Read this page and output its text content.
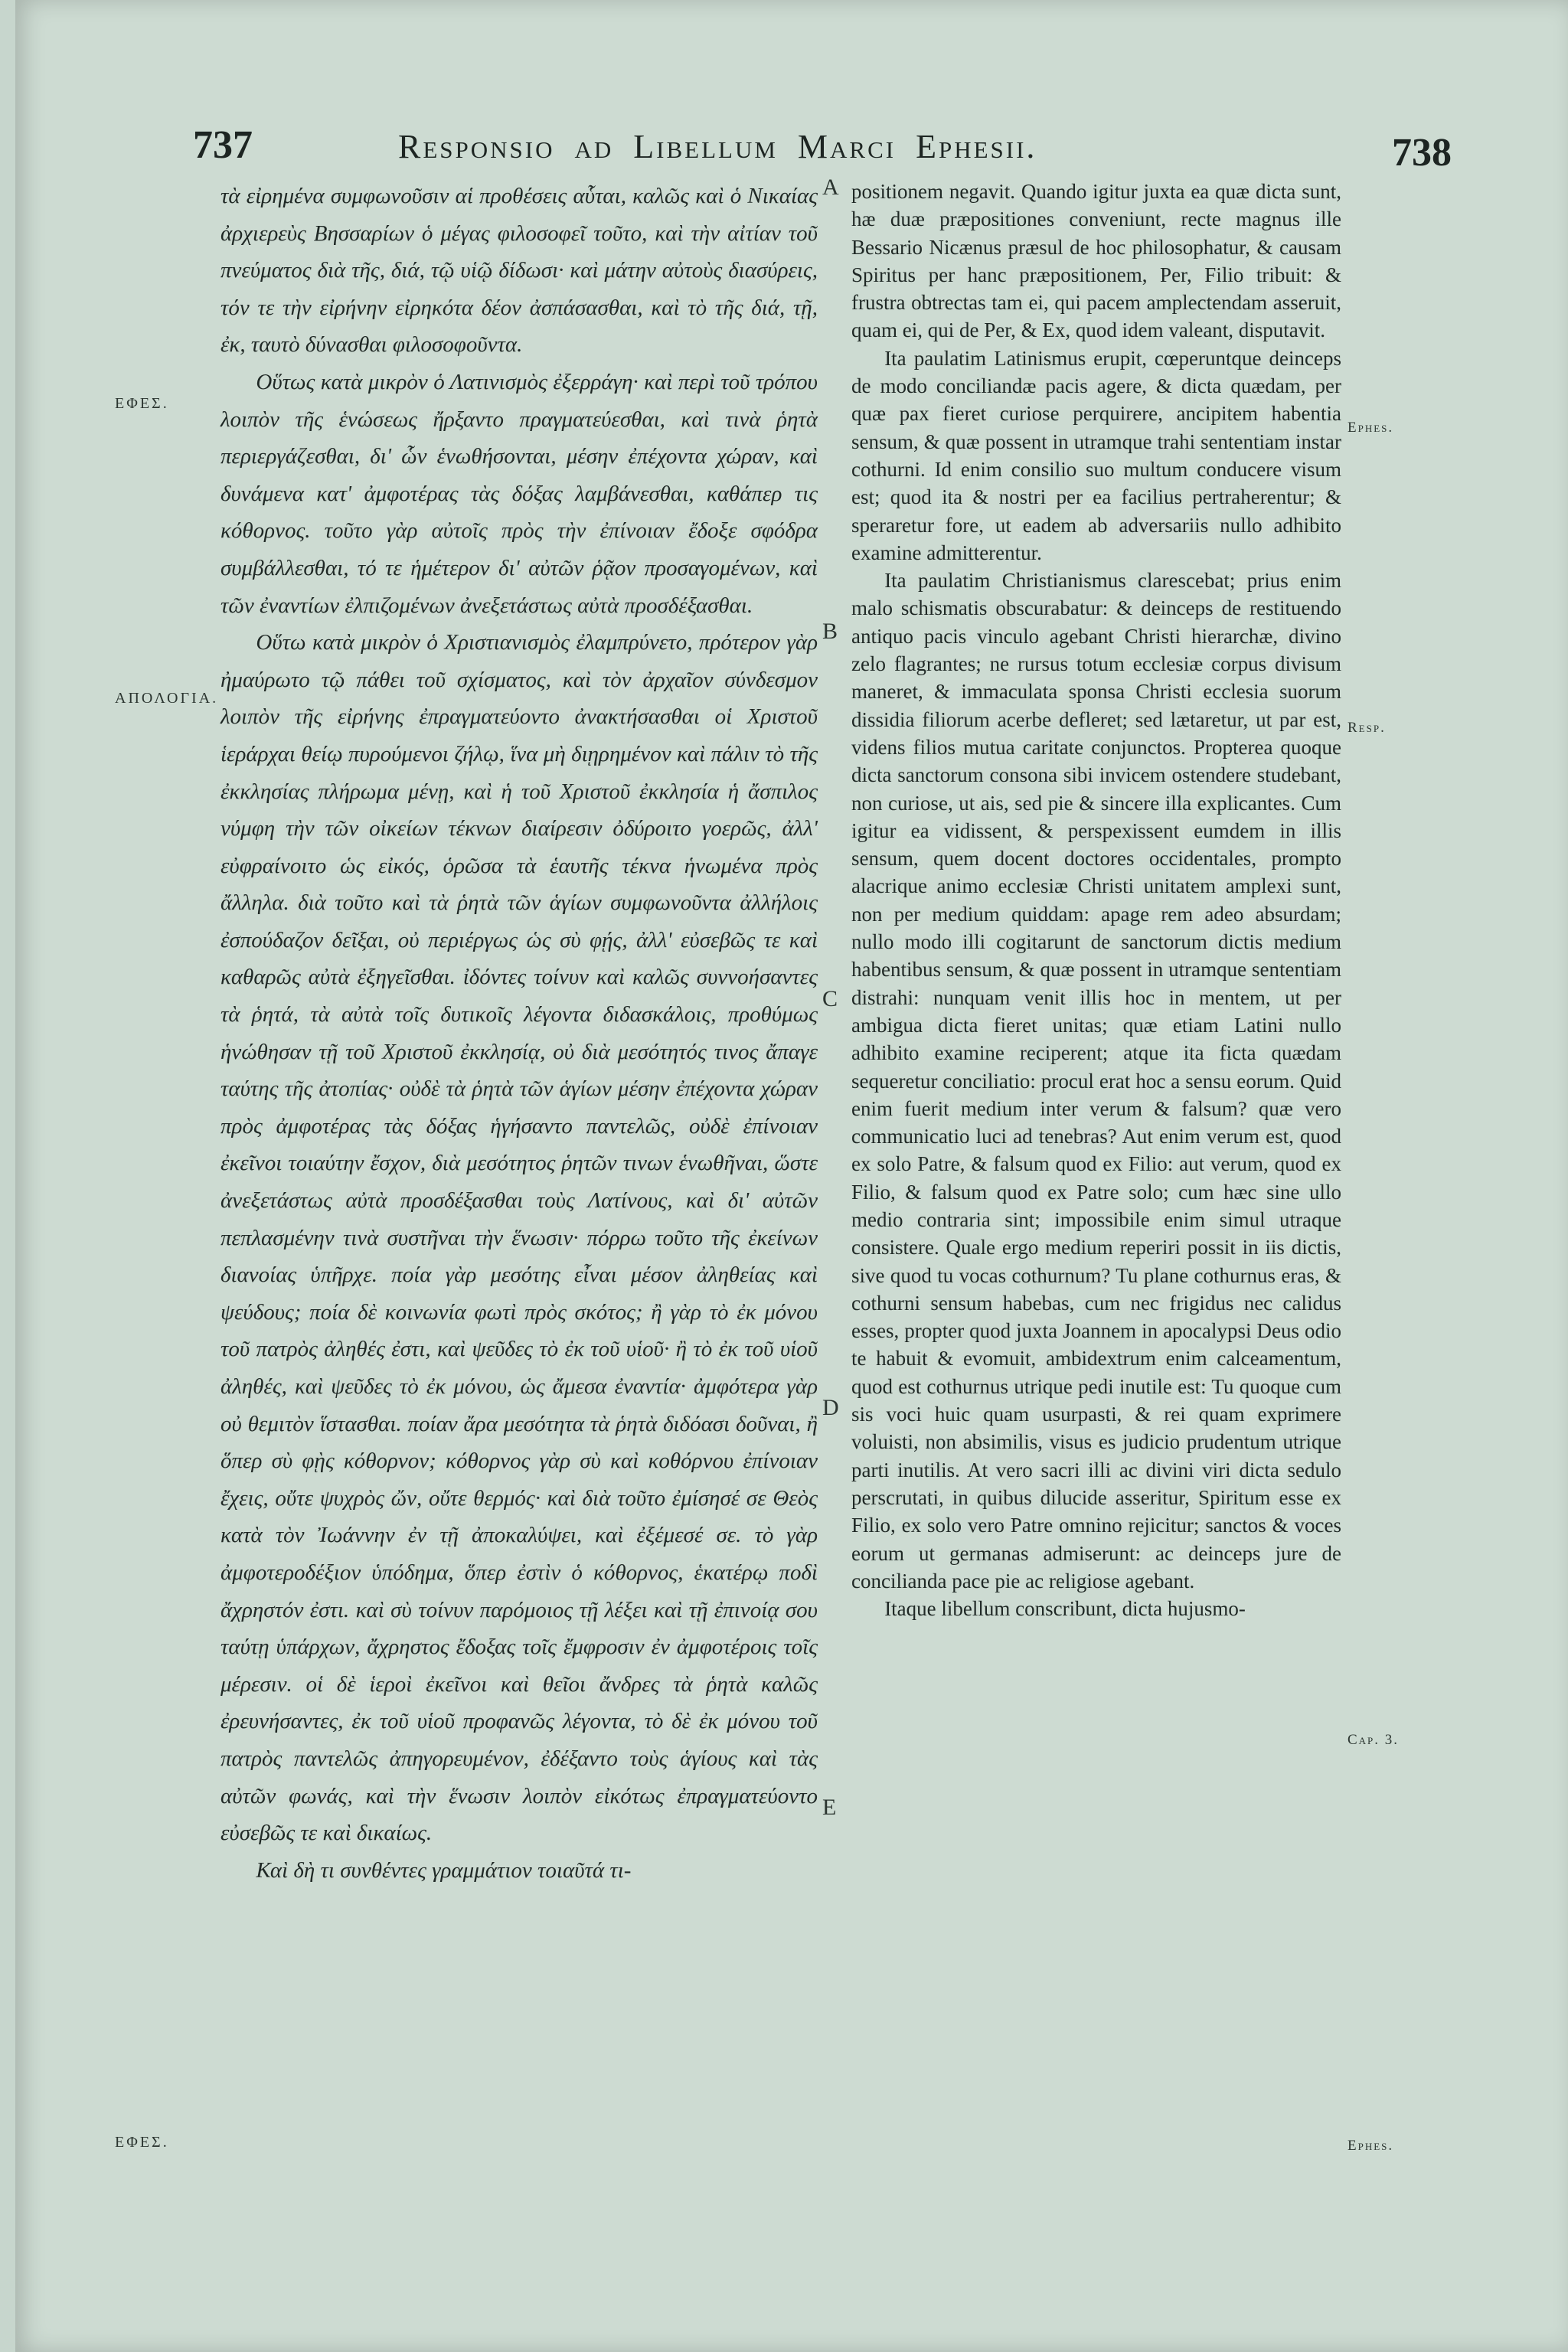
737	Responsio ad Libellum Marci Ephesii.	738
ΕΦΕΣ.
ΑΠΟΛΟΓΙΑ.
ΕΦΕΣ.
Ephes.
Resp.
Cap. 3.
Ephes.
A
B
C
D
E

τὰ εἰρημένα συμφωνοῦσιν αἱ προθέσεις αὗται, καλῶς καὶ ὁ Νικαίας ἀρχιερεὺς Βησσαρίων ὁ μέγας φιλοσοφεῖ τοῦτο, καὶ τὴν αἰτίαν τοῦ πνεύματος διὰ τῆς, διά, τῷ υἱῷ δίδωσι· καὶ μάτην αὐτοὺς διασύρεις, τόν τε τὴν εἰρήνην εἰρηκότα δέον ἀσπάσασθαι, καὶ τὸ τῆς διά, τῇ, ἐκ, ταυτὸ δύνασθαι φιλοσοφοῦντα.

Οὕτως κατὰ μικρὸν ὁ Λατινισμὸς ἐξερράγη· καὶ περὶ τοῦ τρόπου λοιπὸν τῆς ἑνώσεως ἤρξαντο πραγματεύεσθαι, καὶ τινὰ ῥητὰ περιεργάζεσθαι, δι' ὧν ἑνωθήσονται, μέσην ἐπέχοντα χώραν, καὶ δυνάμενα κατ' ἀμφοτέρας τὰς δόξας λαμβάνεσθαι, καθάπερ τις κόθορνος. τοῦτο γὰρ αὐτοῖς πρὸς τὴν ἐπίνοιαν ἔδοξε σφόδρα συμβάλλεσθαι, τό τε ἡμέτερον δι' αὐτῶν ῥᾷον προσαγομένων, καὶ τῶν ἐναντίων ἐλπιζομένων ἀνεξετάστως αὐτὰ προσδέξασθαι.

Οὕτω κατὰ μικρὸν ὁ Χριστιανισμὸς ἐλαμπρύνετο, πρότερον γὰρ ἠμαύρωτο τῷ πάθει τοῦ σχίσματος, καὶ τὸν ἀρχαῖον σύνδεσμον λοιπὸν τῆς εἰρήνης ἐπραγματεύοντο ἀνακτήσασθαι οἱ Χριστοῦ ἱεράρχαι θείῳ πυρούμενοι ζήλῳ, ἵνα μὴ διῃρημένον καὶ πάλιν τὸ τῆς ἐκκλησίας πλήρωμα μένῃ, καὶ ἡ τοῦ Χριστοῦ ἐκκλησία ἡ ἄσπιλος νύμφη τὴν τῶν οἰκείων τέκνων διαίρεσιν ὀδύροιτο γοερῶς, ἀλλ' εὐφραίνοιτο ὡς εἰκός, ὁρῶσα τὰ ἑαυτῆς τέκνα ἡνωμένα πρὸς ἄλληλα. διὰ τοῦτο καὶ τὰ ῥητὰ τῶν ἁγίων συμφωνοῦντα ἀλλήλοις ἐσπούδαζον δεῖξαι, οὐ περιέργως ὡς σὺ φῄς, ἀλλ' εὐσεβῶς τε καὶ καθαρῶς αὐτὰ ἐξηγεῖσθαι. ἰδόντες τοίνυν καὶ καλῶς συννοήσαντες τὰ ῥητά, τὰ αὐτὰ τοῖς δυτικοῖς λέγοντα διδασκάλοις, προθύμως ἡνώθησαν τῇ τοῦ Χριστοῦ ἐκκλησίᾳ, οὐ διὰ μεσότητός τινος ἄπαγε ταύτης τῆς ἀτοπίας· οὐδὲ τὰ ῥητὰ τῶν ἁγίων μέσην ἐπέχοντα χώραν πρὸς ἀμφοτέρας τὰς δόξας ἡγήσαντο παντελῶς, οὐδὲ ἐπίνοιαν ἐκεῖνοι τοιαύτην ἔσχον, διὰ μεσότητος ῥητῶν τινων ἑνωθῆναι, ὥστε ἀνεξετάστως αὐτὰ προσδέξασθαι τοὺς Λατίνους, καὶ δι' αὐτῶν πεπλασμένην τινὰ συστῆναι τὴν ἕνωσιν· πόρρω τοῦτο τῆς ἐκείνων διανοίας ὑπῆρχε. ποία γὰρ μεσότης εἶναι μέσον ἀληθείας καὶ ψεύδους; ποία δὲ κοινωνία φωτὶ πρὸς σκότος; ἢ γὰρ τὸ ἐκ μόνου τοῦ πατρὸς ἀληθές ἐστι, καὶ ψεῦδες τὸ ἐκ τοῦ υἱοῦ· ἢ τὸ ἐκ τοῦ υἱοῦ ἀληθές, καὶ ψεῦδες τὸ ἐκ μόνου, ὡς ἄμεσα ἐναντία· ἀμφότερα γὰρ οὐ θεμιτὸν ἵστασθαι. ποίαν ἄρα μεσότητα τὰ ῥητὰ διδόασι δοῦναι, ἢ ὅπερ σὺ φῂς κόθορνον; κόθορνος γὰρ σὺ καὶ κοθόρνου ἐπίνοιαν ἔχεις, οὔτε ψυχρὸς ὤν, οὔτε θερμός· καὶ διὰ τοῦτο ἐμίσησέ σε Θεὸς κατὰ τὸν Ἰωάννην ἐν τῇ ἀποκαλύψει, καὶ ἐξέμεσέ σε. τὸ γὰρ ἀμφοτεροδέξιον ὑπόδημα, ὅπερ ἐστὶν ὁ κόθορνος, ἑκατέρῳ ποδὶ ἄχρηστόν ἐστι. καὶ σὺ τοίνυν παρόμοιος τῇ λέξει καὶ τῇ ἐπινοίᾳ σου ταύτῃ ὑπάρχων, ἄχρηστος ἔδοξας τοῖς ἔμφροσιν ἐν ἀμφοτέροις τοῖς μέρεσιν. οἱ δὲ ἱεροὶ ἐκεῖνοι καὶ θεῖοι ἄνδρες τὰ ῥητὰ καλῶς ἐρευνήσαντες, ἐκ τοῦ υἱοῦ προφανῶς λέγοντα, τὸ δὲ ἐκ μόνου τοῦ πατρὸς παντελῶς ἀπηγορευμένον, ἐδέξαντο τοὺς ἁγίους καὶ τὰς αὐτῶν φωνάς, καὶ τὴν ἕνωσιν λοιπὸν εἰκότως ἐπραγματεύοντο εὐσεβῶς τε καὶ δικαίως.

Καὶ δὴ τι συνθέντες γραμμάτιον τοιαῦτά τι-

positionem negavit. Quando igitur juxta ea quæ dicta sunt, hæ duæ præpositiones conveniunt, recte magnus ille Bessario Nicænus præsul de hoc philosophatur, & causam Spiritus per hanc præpositionem, Per, Filio tribuit: & frustra obtrectas tam ei, qui pacem amplectendam asseruit, quam ei, qui de Per, & Ex, quod idem valeant, disputavit.

Ita paulatim Latinismus erupit, cœperuntque deinceps de modo conciliandæ pacis agere, & dicta quædam, per quæ pax fieret curiose perquirere, ancipitem habentia sensum, & quæ possent in utramque trahi sententiam instar cothurni. Id enim consilio suo multum conducere visum est; quod ita & nostri per ea facilius pertraherentur; & speraretur fore, ut eadem ab adversariis nullo adhibito examine admitterentur.

Ita paulatim Christianismus clarescebat; prius enim malo schismatis obscurabatur: & deinceps de restituendo antiquo pacis vinculo agebant Christi hierarchæ, divino zelo flagrantes; ne rursus totum ecclesiæ corpus divisum maneret, & immaculata sponsa Christi ecclesia suorum dissidia filiorum acerbe defleret; sed lætaretur, ut par est, videns filios mutua caritate conjunctos. Propterea quoque dicta sanctorum consona sibi invicem ostendere studebant, non curiose, ut ais, sed pie & sincere illa explicantes. Cum igitur ea vidissent, & perspexissent eumdem in illis sensum, quem docent doctores occidentales, prompto alacrique animo ecclesiæ Christi unitatem amplexi sunt, non per medium quiddam: apage rem adeo absurdam; nullo modo illi cogitarunt de sanctorum dictis medium habentibus sensum, & quæ possent in utramque sententiam distrahi: nunquam venit illis hoc in mentem, ut per ambigua dicta fieret unitas; quæ etiam Latini nullo adhibito examine reciperent; atque ita ficta quædam sequeretur conciliatio: procul erat hoc a sensu eorum. Quid enim fuerit medium inter verum & falsum? quæ vero communicatio luci ad tenebras? Aut enim verum est, quod ex solo Patre, & falsum quod ex Filio: aut verum, quod ex Filio, & falsum quod ex Patre solo; cum hæc sine ullo medio contraria sint; impossibile enim simul utraque consistere. Quale ergo medium reperiri possit in iis dictis, sive quod tu vocas cothurnum? Tu plane cothurnus eras, & cothurni sensum habebas, cum nec frigidus nec calidus esses, propter quod juxta Joannem in apocalypsi Deus odio te habuit & evomuit, ambidextrum enim calceamentum, quod est cothurnus utrique pedi inutile est: Tu quoque cum sis voci huic quam usurpasti, & rei quam exprimere voluisti, non absimilis, visus es judicio prudentum utrique parti inutilis. At vero sacri illi ac divini viri dicta sedulo perscrutati, in quibus dilucide asseritur, Spiritum esse ex Filio, ex solo vero Patre omnino rejicitur; sanctos & voces eorum ut germanas admiserunt: ac deinceps jure de concilianda pace pie ac religiose agebant.

Itaque libellum conscribunt, dicta hujusmo-
